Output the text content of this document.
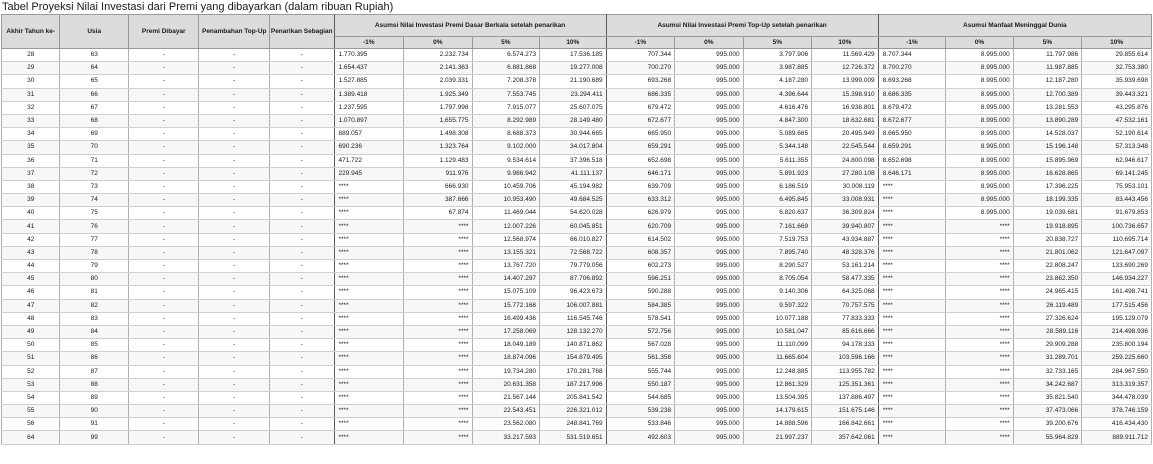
Tabel Proyeksi Nilai Investasi dari Premi yang dibayarkan (dalam ribuan Rupiah)
Akhir Tahun ke-	Usia	Premi Dibayar	Penambahan Top-Up	Penarikan Sebagian	Asumsi Nilai Investasi Premi Dasar Berkala setelah penarikan				Asumsi Nilai Investasi Premi Top-Up setelah penarikan				Asumsi Manfaat Meninggal Dunia			
					-1%	0%	5%	10%	-1%	0%	5%	10%	-1%	0%	5%	10%
28	63	-	-	-	1.770.395	2.232.734	6.574.273	17.536.185	707.344	995.000	3.797.906	11.569.429	8.707.344	8.995.000	11.797.986	29.855.614
29	64	-	-	-	1.654.437	2.141.363	6.881.868	19.277.008	700.270	995.000	3.987.885	12.726.372	8.700.270	8.995.000	11.987.885	32.753.380
30	65	-	-	-	1.527.885	2.039.331	7.208.378	21.190.689	693.268	995.000	4.187.280	13.999.009	8.693.268	8.995.000	12.187.280	35.939.698
31	66	-	-	-	1.389.418	1.925.349	7.553.745	23.294.411	686.335	995.000	4.396.644	15.398.910	8.686.335	8.995.000	12.700.389	39.443.321
32	67	-	-	-	1.237.595	1.797.998	7.915.077	25.607.075	679.472	995.000	4.616.476	16.938.801	8.679.472	8.995.000	13.281.553	43.295.876
33	68	-	-	-	1.070.897	1.655.775	8.292.989	28.149.480	672.677	995.000	4.847.300	18.632.681	8.672.677	8.995.000	13.890.289	47.532.161
34	69	-	-	-	889.057	1.498.308	8.688.373	30.944.665	665.950	995.000	5.089.665	20.495.949	8.665.950	8.995.000	14.528.037	52.190.614
35	70	-	-	-	690.236	1.323.764	9.102.000	34.017.804	659.291	995.000	5.344.148	22.545.544	8.659.291	8.995.000	15.196.148	57.313.348
36	71	-	-	-	471.722	1.129.483	9.534.614	37.396.518	652.698	995.000	5.611.355	24.800.098	8.652.698	8.995.000	15.895.969	62.946.617
37	72	-	-	-	229.945	911.976	9.986.942	41.111.137	646.171	995.000	5.891.923	27.280.108	8.646.171	8.995.000	16.628.865	69.141.245
38	73	-	-	-	****	666.930	10.459.706	45.194.982	639.709	995.000	6.186.519	30.008.119	****	8.995.000	17.396.225	75.953.101
39	74	-	-	-	****	387.666	10.953.490	49.684.525	633.312	995.000	6.495.845	33.008.931	****	8.995.000	18.199.335	83.443.456
40	75	-	-	-	****	67.874	11.469.044	54.620.028	626.979	995.000	6.820.637	36.309.824	****	8.995.000	19.039.681	91.679.853
41	76	-	-	-	****	****	12.007.226	60.045.851	620.709	995.000	7.161.669	39.940.807	****	****	19.918.895	100.736.657
42	77	-	-	-	****	****	12.568.974	66.010.827	614.502	995.000	7.519.753	43.934.887	****	****	20.838.727	110.695.714
43	78	-	-	-	****	****	13.155.321	72.568.722	608.357	995.000	7.895.740	48.328.376	****	****	21.801.062	121.647.097
44	79	-	-	-	****	****	13.767.720	79.779.056	602.273	995.000	8.290.527	53.161.214	****	****	22.808.247	133.690.269
45	80	-	-	-	****	****	14.407.297	87.706.892	596.251	995.000	8.705.054	58.477.335	****	****	23.862.350	146.934.227
46	81	-	-	-	****	****	15.075.109	96.423.673	590.288	995.000	9.140.306	64.325.068	****	****	24.965.415	161.498.741
47	82	-	-	-	****	****	15.772.168	106.007.881	584.385	995.000	9.597.322	70.757.575	****	****	26.119.489	177.515.456
48	83	-	-	-	****	****	16.499.436	116.545.746	578.541	995.000	10.077.188	77.833.333	****	****	27.326.624	195.129.079
49	84	-	-	-	****	****	17.258.069	128.132.270	572.756	995.000	10.581.047	85.616.666	****	****	28.589.116	214.498.936
50	85	-	-	-	****	****	18.049.189	140.871.862	567.028	995.000	11.110.099	94.178.333	****	****	29.909.288	235.800.194
51	86	-	-	-	****	****	18.874.096	154.879.495	561.358	995.000	11.665.604	103.596.166	****	****	31.289.701	259.225.660
52	87	-	-	-	****	****	19.734.280	170.281.768	555.744	995.000	12.248.885	113.955.782	****	****	32.733.165	284.967.550
53	88	-	-	-	****	****	20.631.358	187.217.996	550.187	995.000	12.861.329	125.351.361	****	****	34.242.687	313.319.357
54	89	-	-	-	****	****	21.567.144	205.841.542	544.685	995.000	13.504.395	137.886.497	****	****	35.821.540	344.478.039
55	90	-	-	-	****	****	22.543.451	226.321.012	539.238	995.000	14.179.615	151.675.146	****	****	37.473.066	378.746.159
56	91	-	-	-	****	****	23.562.080	248.841.769	533.846	995.000	14.888.596	166.842.661	****	****	39.200.676	416.434.430
64	99	-	-	-	****	****	33.217.593	531.519.651	492.603	995.000	21.997.237	357.642.061	****	****	55.964.829	889.911.712
